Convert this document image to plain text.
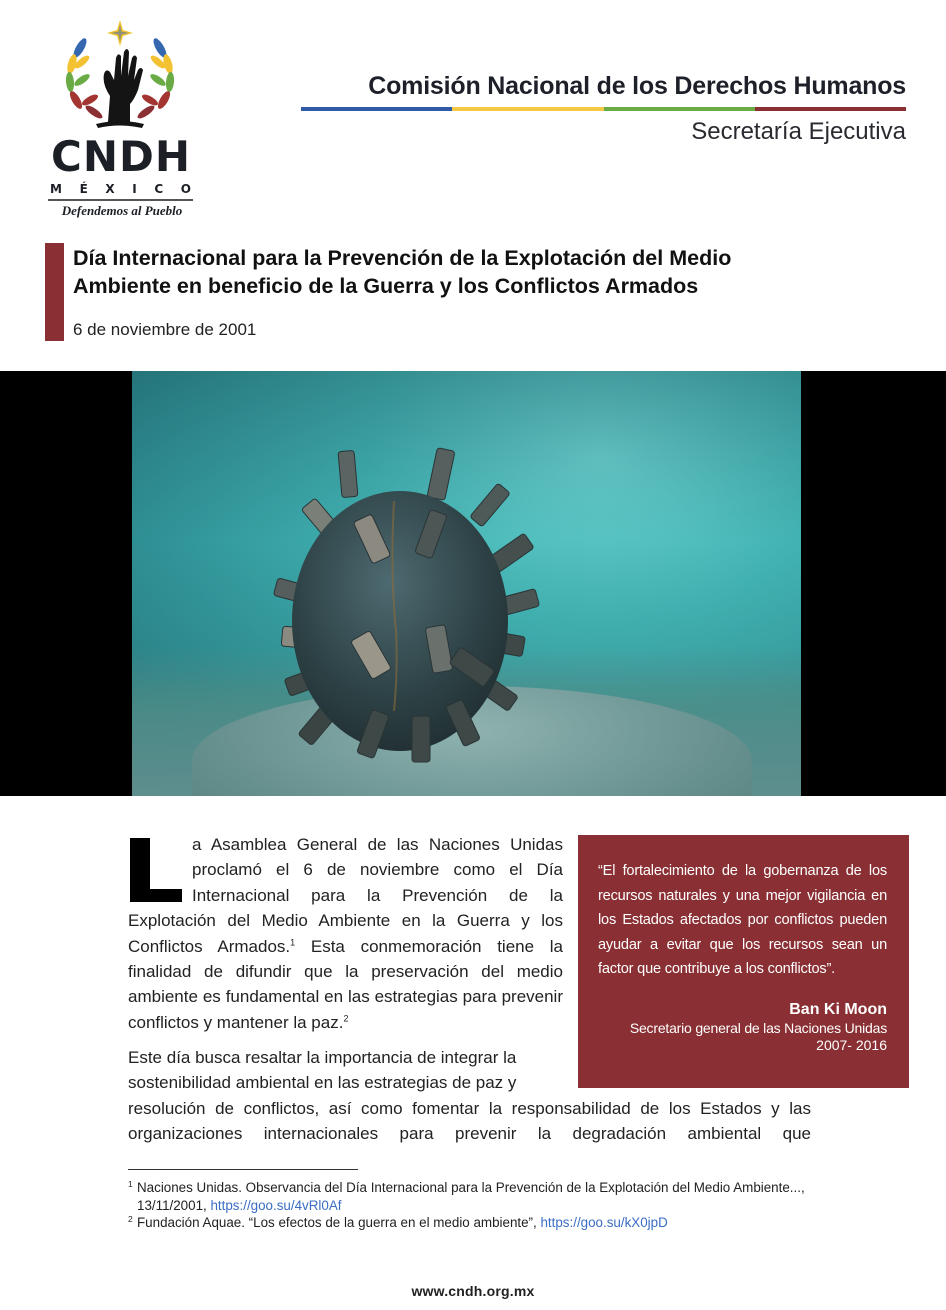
CNDH
M É X I C O
Defendemos al Pueblo
Comisión Nacional de los Derechos Humanos
Secretaría Ejecutiva
Día Internacional para la Prevención de la Explotación del Medio
Ambiente en beneficio de la Guerra y los Conflictos Armados
6 de noviembre de 2001
a Asamblea General de las Naciones Unidas proclamó el 6 de noviembre como el Día Internacional para la Prevención de la Explotación del Medio Ambiente en la Guerra y los Conflictos Armados.$^1$ Esta conmemoración tiene la finalidad de difundir que la preservación del medio ambiente es fundamental en las estrategias para prevenir conflictos y mantener la paz.$^2$
Este día busca resaltar la importancia de integrar la sostenibilidad ambiental en las estrategias de paz y
resolución de conflictos, así como fomentar la responsabilidad de los Estados y las
organizaciones internacionales para prevenir la degradación ambiental que

“El fortalecimiento de la gobernanza de los recursos naturales y una mejor vigilancia en los Estados afectados por conflictos pueden ayudar a evitar que los recursos sean un factor que contribuye a los conflictos”.

Ban Ki Moon
Secretario general de las Naciones Unidas
2007- 2016
1 Naciones Unidas. Observancia del Día Internacional para la Prevención de la Explotación del Medio Ambiente..., 13/11/2001, https://goo.su/4vRl0Af
2 Fundación Aquae. “Los efectos de la guerra en el medio ambiente”, https://goo.su/kX0jpD
www.cndh.org.mx
